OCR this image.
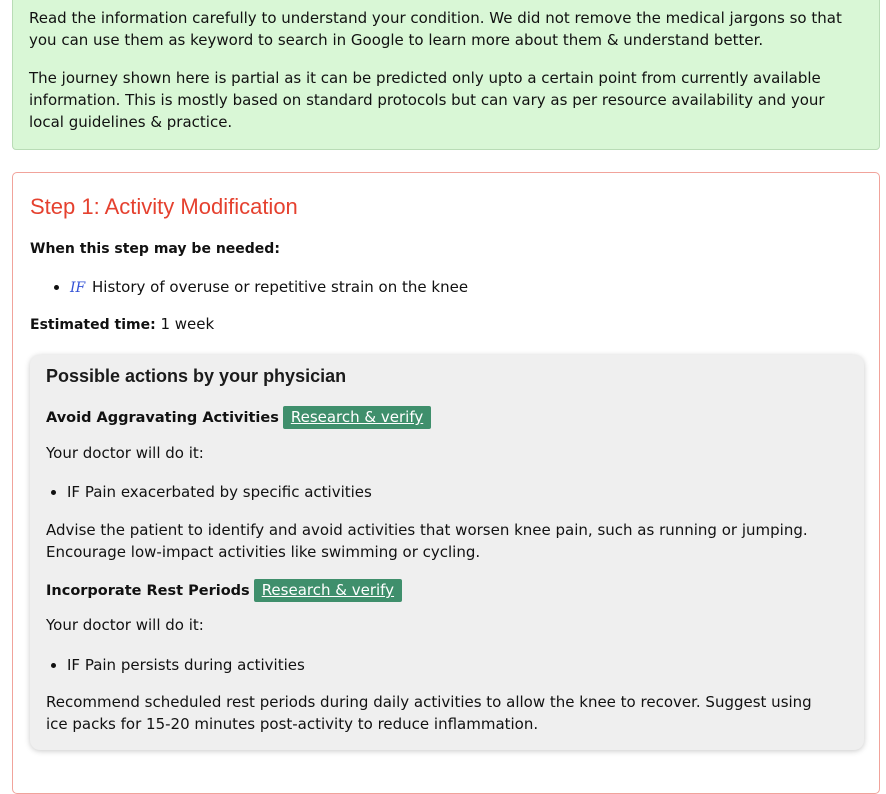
Read the information carefully to understand your condition. We did not remove the medical jargons so that you can use them as keyword to search in Google to learn more about them & understand better.

The journey shown here is partial as it can be predicted only upto a certain point from currently available information. This is mostly based on standard protocols but can vary as per resource availability and your local guidelines & practice.

Step 1: Activity Modification
When this step may be needed:
• IF History of overuse or repetitive strain on the knee
Estimated time: 1 week
Possible actions by your physician
Avoid Aggravating Activities Research & verify
Your doctor will do it:
• IF Pain exacerbated by specific activities
Advise the patient to identify and avoid activities that worsen knee pain, such as running or jumping. Encourage low-impact activities like swimming or cycling.
Incorporate Rest Periods Research & verify
Your doctor will do it:
• IF Pain persists during activities
Recommend scheduled rest periods during daily activities to allow the knee to recover. Suggest using ice packs for 15-20 minutes post-activity to reduce inflammation.
